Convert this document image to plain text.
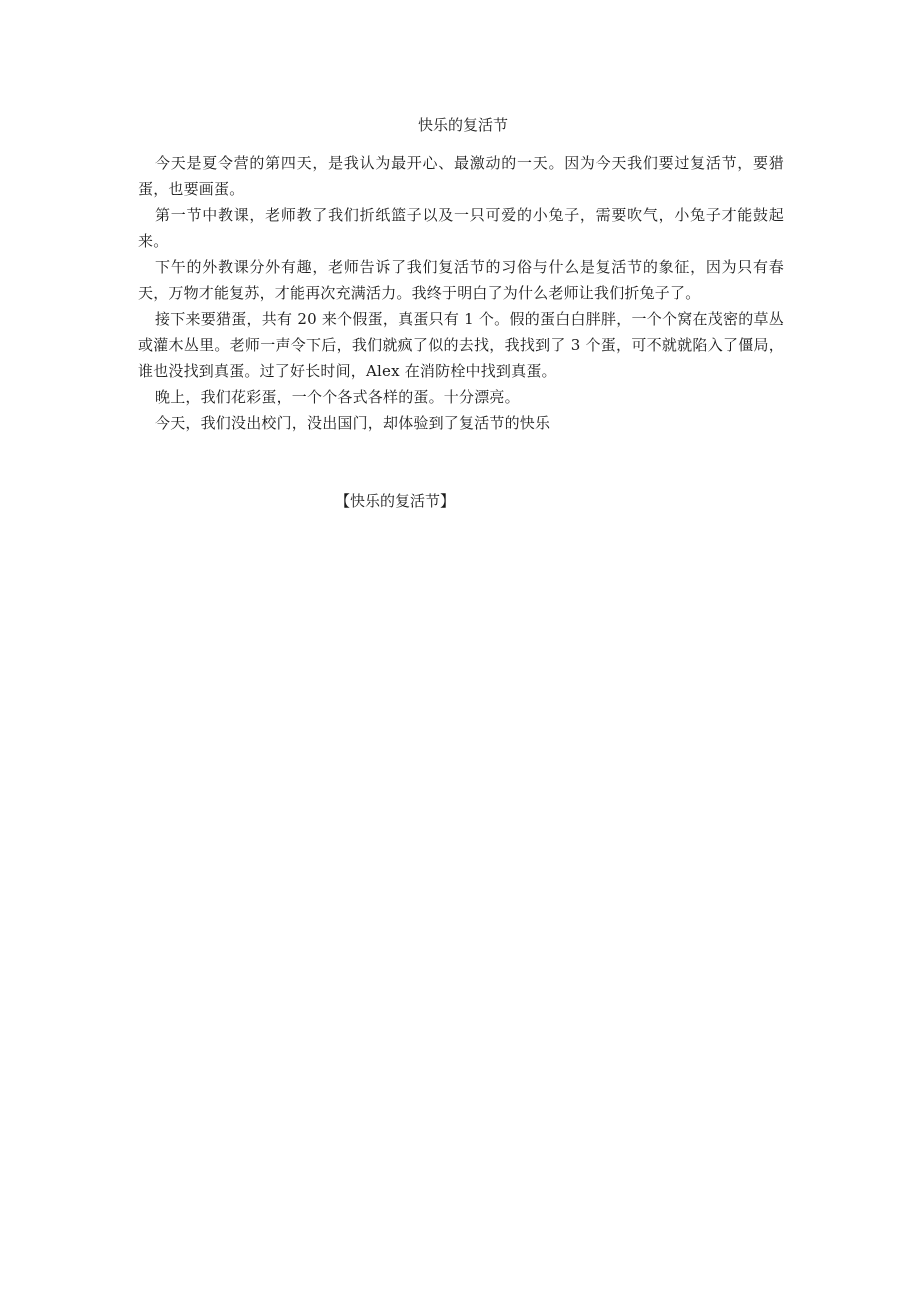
快乐的复活节

今天是夏令营的第四天，是我认为最开心、最激动的一天。因为今天我们要过复活节，要猎蛋，也要画蛋。

第一节中教课，老师教了我们折纸篮子以及一只可爱的小兔子，需要吹气，小兔子才能鼓起来。

下午的外教课分外有趣，老师告诉了我们复活节的习俗与什么是复活节的象征，因为只有春天，万物才能复苏，才能再次充满活力。我终于明白了为什么老师让我们折兔子了。

接下来要猎蛋，共有 20 来个假蛋，真蛋只有 1 个。假的蛋白白胖胖，一个个窝在茂密的草丛或灌木丛里。老师一声令下后，我们就疯了似的去找，我找到了 3 个蛋，可不就就陷入了僵局，谁也没找到真蛋。过了好长时间，Alex 在消防栓中找到真蛋。

晚上，我们花彩蛋，一个个各式各样的蛋。十分漂亮。

今天，我们没出校门，没出国门，却体验到了复活节的快乐

【快乐的复活节】
